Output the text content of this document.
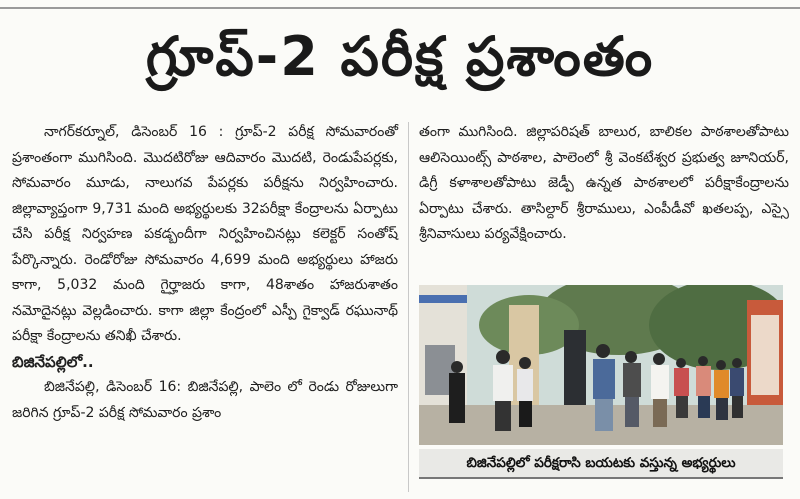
గ్రూప్-2 పరీక్ష ప్రశాంతం

నాగర్‌కర్నూల్, డిసెంబర్ 16 : గ్రూప్-2 పరీక్ష సోమవారంతో ప్రశాంతంగా ముగిసింది. మొదటిరోజు ఆదివారం మొదటి, రెండుపేపర్లకు, సోమవారం మూడు, నాలుగవ పేపర్లకు పరీక్షను నిర్వహించారు. జిల్లావ్యాప్తంగా 9,731 మంది అభ్యర్థులకు 32పరీక్షా కేంద్రాలను ఏర్పాటు చేసి పరీక్ష నిర్వహణ పకడ్బందీగా నిర్వహించినట్లు కలెక్టర్ సంతోష్ పేర్కొన్నారు. రెండోరోజు సోమవారం 4,699 మంది అభ్యర్థులు హాజరు కాగా, 5,032 మంది గైర్హాజరు కాగా, 48శాతం హాజరుశాతం నమోదైనట్లు వెల్లడించారు. కాగా జిల్లా కేంద్రంలో ఎస్పీ గైక్వాడ్ రఘునాథ్ పరీక్షా కేంద్రాలను తనిఖీ చేశారు.

బిజినేపల్లిలో..

బిజినేపల్లి, డిసెంబర్ 16: బిజినేపల్లి, పాలెం లో రెండు రోజులుగా జరిగిన గ్రూప్-2 పరీక్ష సోమవారం ప్రశాం

తంగా ముగిసింది. జిల్లాపరిషత్ బాలుర, బాలికల పాఠశాలతోపాటు ఆలిసెయింట్స్ పాఠశాల, పాలెంలో శ్రీ వెంకటేశ్వర ప్రభుత్వ జూనియర్, డిగ్రీ కళాశాలతోపాటు జెడ్పీ ఉన్నత పాఠశాలలో పరీక్షాకేంద్రాలను ఏర్పాటు చేశారు. తాసిల్దార్ శ్రీరాములు, ఎంపీడీవో ఖతలప్ప, ఎస్సై శ్రీనివాసులు పర్యవేక్షించారు.

బిజినేపల్లిలో పరీక్షరాసి బయటకు వస్తున్న అభ్యర్థులు
